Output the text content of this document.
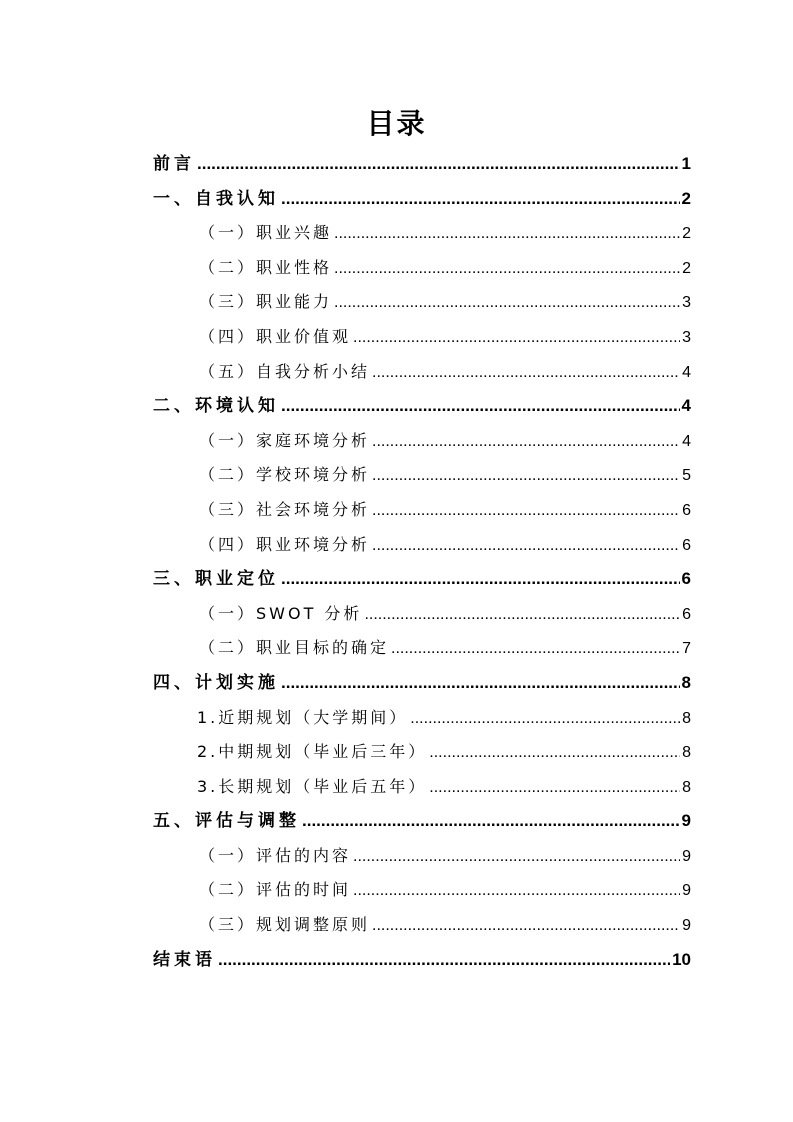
目录
前言 .....	1
一、自我认知 .....	2
（一）职业兴趣 .....	2
（二）职业性格 .....	2
（三）职业能力 .....	3
（四）职业价值观 .....	3
（五）自我分析小结 .....	4
二、环境认知 .....	4
（一）家庭环境分析 .....	4
（二）学校环境分析 .....	5
（三）社会环境分析 .....	6
（四）职业环境分析 .....	6
三、职业定位 .....	6
（一）SWOT 分析 .....	6
（二）职业目标的确定 .....	7
四、计划实施 .....	8
1.近期规划（大学期间） .....	8
2.中期规划（毕业后三年） .....	8
3.长期规划（毕业后五年） .....	8
五、评估与调整 .....	9
（一）评估的内容 .....	9
（二）评估的时间 .....	9
（三）规划调整原则 .....	9
结束语 .....	10
